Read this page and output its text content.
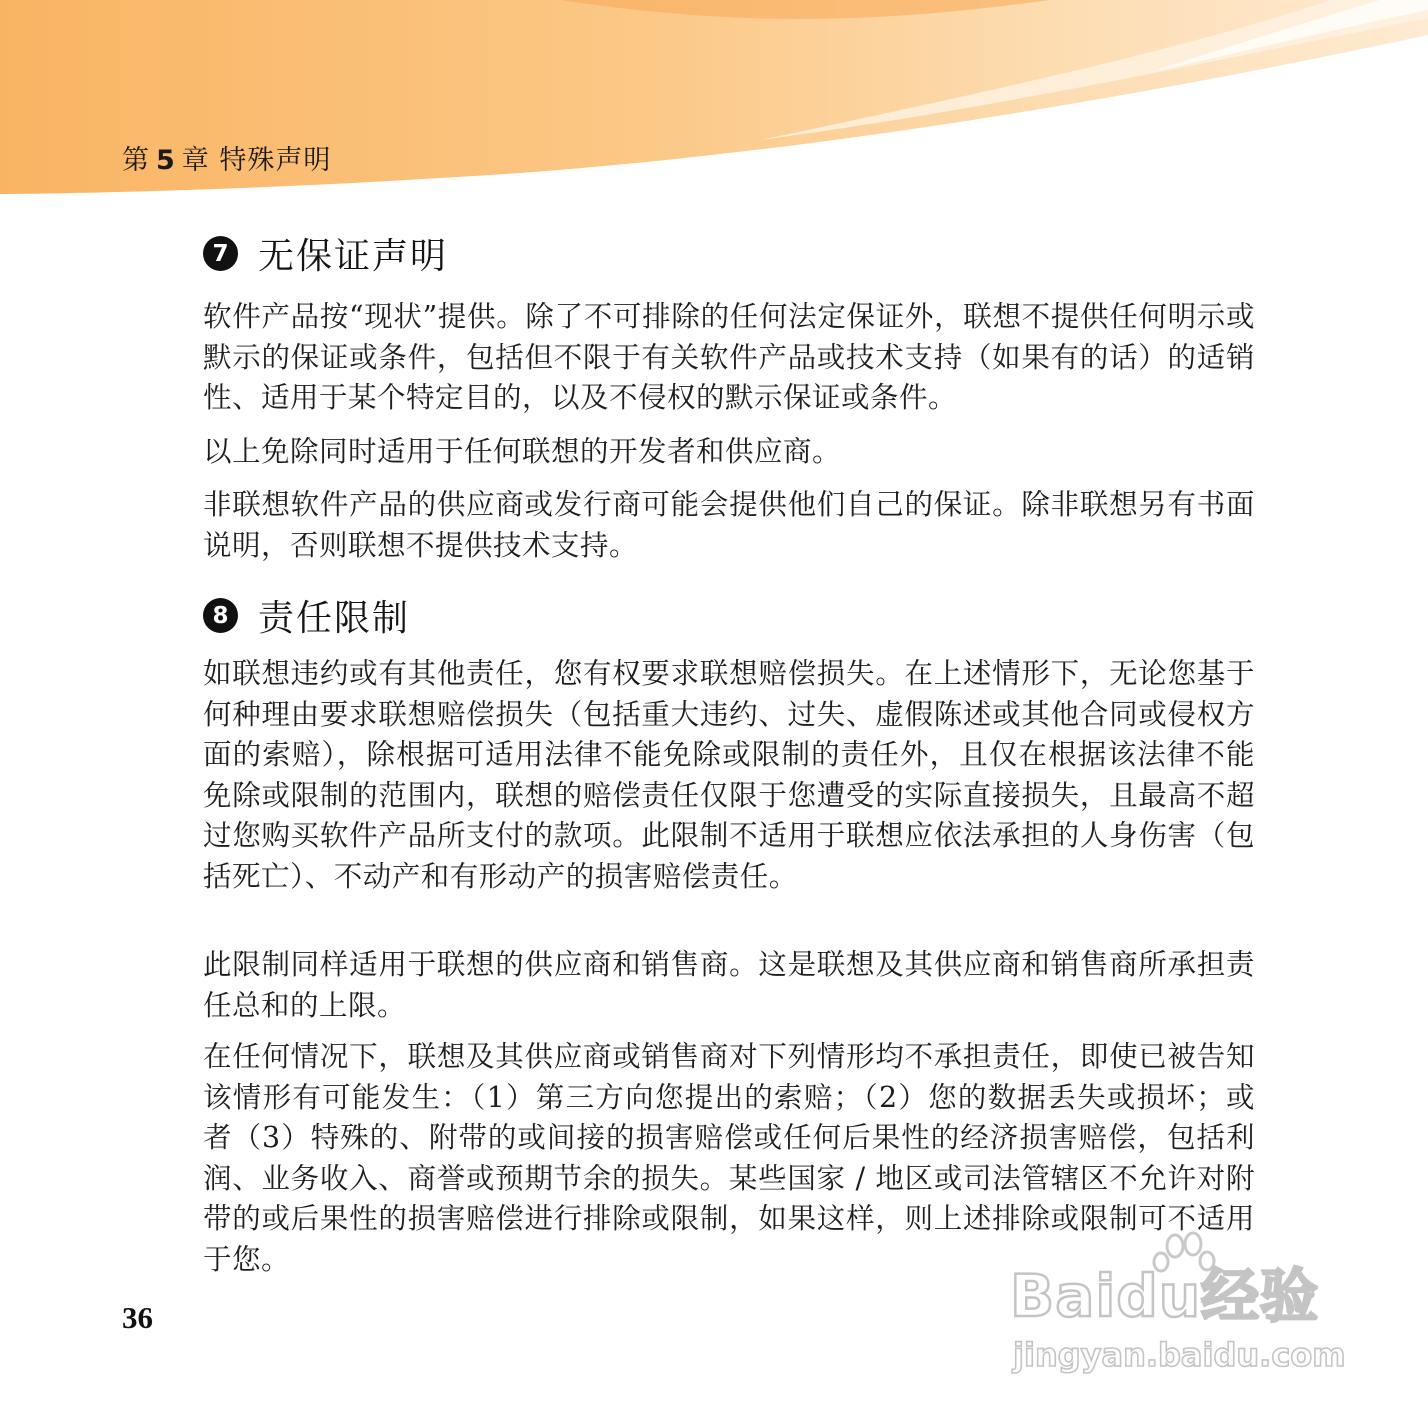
第 5 章 特殊声明
7 无保证声明

软件产品按“现状”提供。除了不可排除的任何法定保证外，联想不提供任何明示或默示的保证或条件，包括但不限于有关软件产品或技术支持（如果有的话）的适销性、适用于某个特定目的，以及不侵权的默示保证或条件。

以上免除同时适用于任何联想的开发者和供应商。

非联想软件产品的供应商或发行商可能会提供他们自己的保证。除非联想另有书面说明，否则联想不提供技术支持。

8 责任限制

如联想违约或有其他责任，您有权要求联想赔偿损失。在上述情形下，无论您基于何种理由要求联想赔偿损失（包括重大违约、过失、虚假陈述或其他合同或侵权方面的索赔），除根据可适用法律不能免除或限制的责任外，且仅在根据该法律不能免除或限制的范围内，联想的赔偿责任仅限于您遭受的实际直接损失，且最高不超过您购买软件产品所支付的款项。此限制不适用于联想应依法承担的人身伤害（包括死亡）、不动产和有形动产的损害赔偿责任。

此限制同样适用于联想的供应商和销售商。这是联想及其供应商和销售商所承担责任总和的上限。

在任何情况下，联想及其供应商或销售商对下列情形均不承担责任，即使已被告知该情形有可能发生：（1）第三方向您提出的索赔；（2）您的数据丢失或损坏；或者（3）特殊的、附带的或间接的损害赔偿或任何后果性的经济损害赔偿，包括利润、业务收入、商誉或预期节余的损失。某些国家 / 地区或司法管辖区不允许对附带的或后果性的损害赔偿进行排除或限制，如果这样，则上述排除或限制可不适用于您。

36	Baidu经验
jingyan.baidu.com
